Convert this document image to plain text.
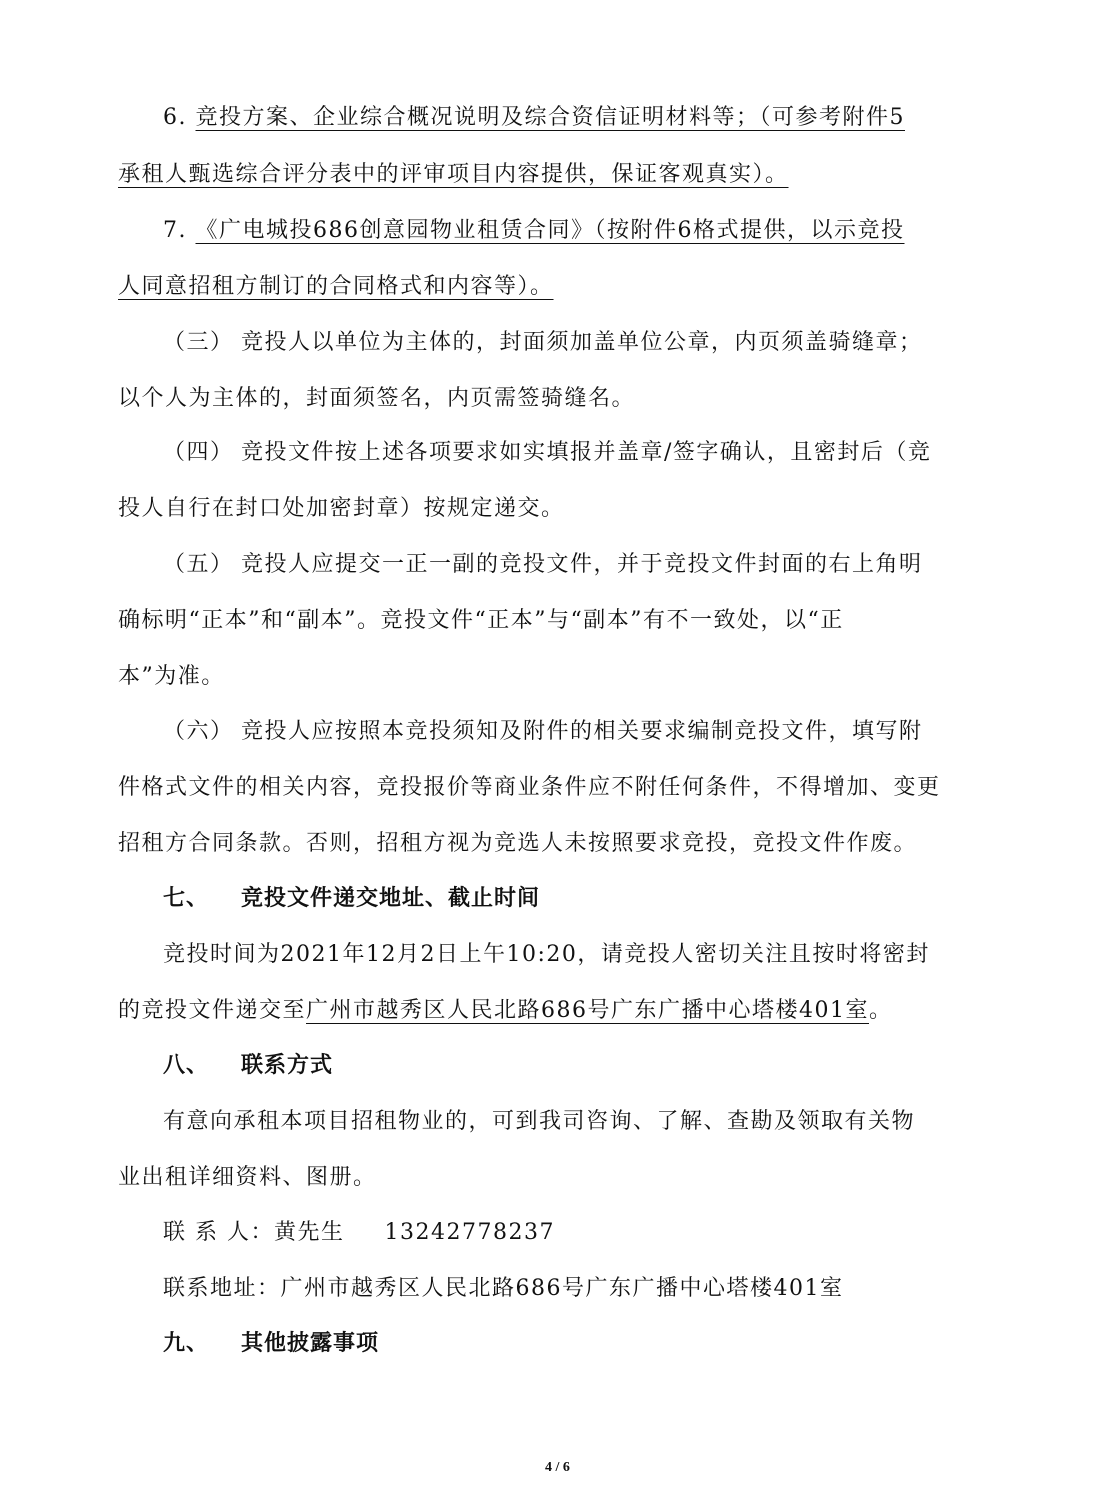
6. 竞投方案、企业综合概况说明及综合资信证明材料等；（可参考附件5
承租人甄选综合评分表中的评审项目内容提供，保证客观真实）。
7. 《广电城投686创意园物业租赁合同》（按附件6格式提供，以示竞投
人同意招租方制订的合同格式和内容等）。
（三） 竞投人以单位为主体的，封面须加盖单位公章，内页须盖骑缝章；
以个人为主体的，封面须签名，内页需签骑缝名。
（四） 竞投文件按上述各项要求如实填报并盖章/签字确认，且密封后（竞
投人自行在封口处加密封章）按规定递交。
（五） 竞投人应提交一正一副的竞投文件，并于竞投文件封面的右上角明
确标明“正本”和“副本”。竞投文件“正本”与“副本”有不一致处，以“正
本”为准。
（六） 竞投人应按照本竞投须知及附件的相关要求编制竞投文件，填写附
件格式文件的相关内容，竞投报价等商业条件应不附任何条件，不得增加、变更
招租方合同条款。否则，招租方视为竞选人未按照要求竞投，竞投文件作废。
七、 竞投文件递交地址、截止时间
竞投时间为2021年12月2日上午10:20，请竞投人密切关注且按时将密封
的竞投文件递交至广州市越秀区人民北路686号广东广播中心塔楼401室。
八、 联系方式
有意向承租本项目招租物业的，可到我司咨询、了解、查勘及领取有关物
业出租详细资料、图册。
联 系 人：黄先生 13242778237
联系地址：广州市越秀区人民北路686号广东广播中心塔楼401室
九、 其他披露事项
4 / 6
